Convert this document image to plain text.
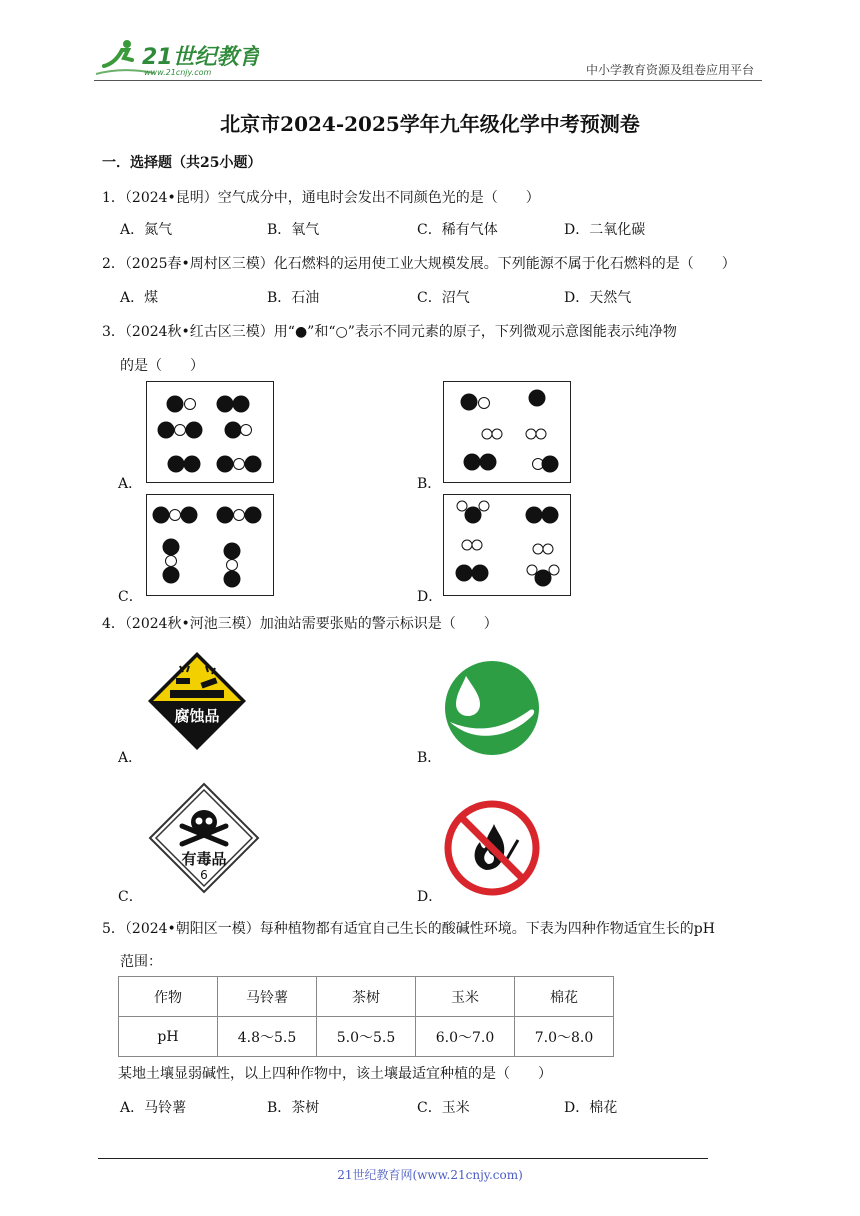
21世纪教育
www.21cnjy.com	中小学教育资源及组卷应用平台
北京市2024-2025学年九年级化学中考预测卷
一．选择题（共25小题）
1．（2024•昆明）空气成分中，通电时会发出不同颜色光的是（　　）
A．氮气	B．氧气	C．稀有气体	D．二氧化碳
2．（2025春•周村区三模）化石燃料的运用使工业大规模发展。下列能源不属于化石燃料的是（　　）
A．煤	B．石油	C．沼气	D．天然气
3．（2024秋•红古区三模）用“●”和“○”表示不同元素的原子，下列微观示意图能表示纯净物
的是（　　）
A．	B．
C．	D．
4．（2024秋•河池三模）加油站需要张贴的警示标识是（　　）
腐蚀品
A．	B．
有毒品
6
C．	D．
5．（2024•朝阳区一模）每种植物都有适宜自己生长的酸碱性环境。下表为四种作物适宜生长的pH
范围：
作物	马铃薯	茶树	玉米	棉花
pH	4.8～5.5	5.0～5.5	6.0～7.0	7.0～8.0
某地土壤显弱碱性，以上四种作物中，该土壤最适宜种植的是（　　）
A．马铃薯	B．茶树	C．玉米	D．棉花
21世纪教育网(www.21cnjy.com)
